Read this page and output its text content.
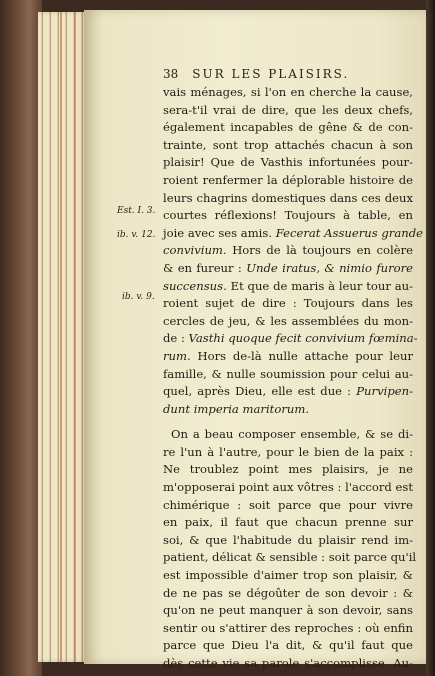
38 SUR LES PLAISIRS.
Est. I. 3.
ib. v. 12.
ib. v. 9.
vais ménages, si l'on en cherche la cause,
sera-t'il vrai de dire, que les deux chefs,
également incapables de gêne & de con-
trainte, sont trop attachés chacun à son
plaisir! Que de Vasthis infortunées pour-
roient renfermer la déplorable histoire de
leurs chagrins domestiques dans ces deux
courtes réflexions! Toujours à table, en
joie avec ses amis. Fecerat Assuerus grande
convivium. Hors de là toujours en colère
& en fureur : Unde iratus, & nimio furore
succensus. Et que de maris à leur tour au-
roient sujet de dire : Toujours dans les
cercles de jeu, & les assemblées du mon-
de : Vasthi quoque fecit convivium fœmina-
rum. Hors de-là nulle attache pour leur
famille, & nulle soumission pour celui au-
quel, après Dieu, elle est due : Purvipen-
dunt imperia maritorum.
On a beau composer ensemble, & se di-
re l'un à l'autre, pour le bien de la paix :
Ne troublez point mes plaisirs, je ne
m'opposerai point aux vôtres : l'accord est
chimérique : soit parce que pour vivre
en paix, il faut que chacun prenne sur
soi, & que l'habitude du plaisir rend im-
patient, délicat & sensible : soit parce qu'il
est impossible d'aimer trop son plaisir, &
de ne pas se dégoûter de son devoir : &
qu'on ne peut manquer à son devoir, sans
sentir ou s'attirer des reproches : où enfin
parce que Dieu l'a dit, & qu'il faut que
dès cette vie sa parole s'accomplisse. Au-
